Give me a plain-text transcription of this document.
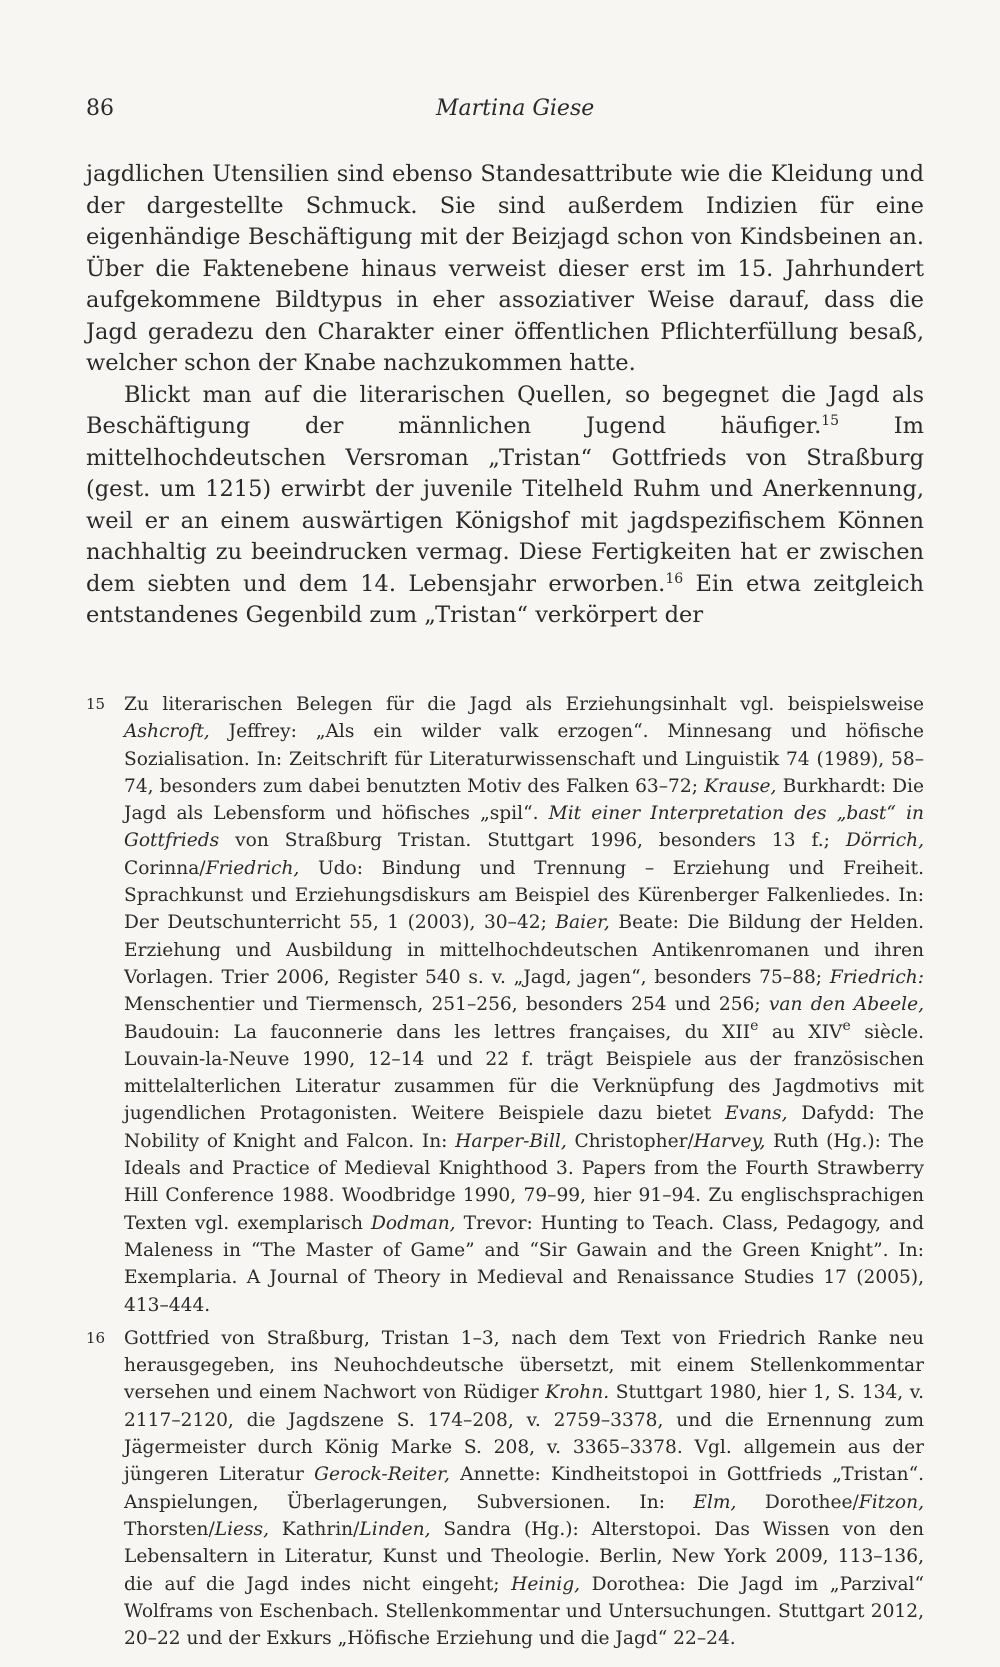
86	Martina Giese

jagdlichen Utensilien sind ebenso Standesattribute wie die Kleidung und der dargestellte Schmuck. Sie sind außerdem Indizien für eine eigenhändige Beschäftigung mit der Beizjagd schon von Kindsbeinen an. Über die Faktenebene hinaus verweist dieser erst im 15. Jahrhundert aufgekommene Bildtypus in eher assoziativer Weise darauf, dass die Jagd geradezu den Charakter einer öffentlichen Pflichterfüllung besaß, welcher schon der Knabe nachzukommen hatte.

Blickt man auf die literarischen Quellen, so begegnet die Jagd als Beschäftigung der männlichen Jugend häufiger.$^{15}$ Im mittelhochdeutschen Versroman „Tristan“ Gottfrieds von Straßburg (gest. um 1215) erwirbt der juvenile Titelheld Ruhm und Anerkennung, weil er an einem auswärtigen Königshof mit jagdspezifischem Können nachhaltig zu beeindrucken vermag. Diese Fertigkeiten hat er zwischen dem siebten und dem 14. Lebensjahr erworben.$^{16}$ Ein etwa zeitgleich entstandenes Gegenbild zum „Tristan“ verkörpert der

15 Zu literarischen Belegen für die Jagd als Erziehungsinhalt vgl. beispielsweise Ashcroft, Jeffrey: „Als ein wilder valk erzogen“. Minnesang und höfische Sozialisation. In: Zeitschrift für Literaturwissenschaft und Linguistik 74 (1989), 58–74, besonders zum dabei benutzten Motiv des Falken 63–72; Krause, Burkhardt: Die Jagd als Lebensform und höfisches „spil“. Mit einer Interpretation des „bast“ in Gottfrieds von Straßburg Tristan. Stuttgart 1996, besonders 13 f.; Dörrich, Corinna/Friedrich, Udo: Bindung und Trennung – Erziehung und Freiheit. Sprachkunst und Erziehungsdiskurs am Beispiel des Kürenberger Falkenliedes. In: Der Deutschunterricht 55, 1 (2003), 30–42; Baier, Beate: Die Bildung der Helden. Erziehung und Ausbildung in mittelhochdeutschen Antikenromanen und ihren Vorlagen. Trier 2006, Register 540 s. v. „Jagd, jagen“, besonders 75–88; Friedrich: Menschentier und Tiermensch, 251–256, besonders 254 und 256; van den Abeele, Baudouin: La fauconnerie dans les lettres françaises, du XIIe au XIVe siècle. Louvain-la-Neuve 1990, 12–14 und 22 f. trägt Beispiele aus der französischen mittelalterlichen Literatur zusammen für die Verknüpfung des Jagdmotivs mit jugendlichen Protagonisten. Weitere Beispiele dazu bietet Evans, Dafydd: The Nobility of Knight and Falcon. In: Harper-Bill, Christopher/Harvey, Ruth (Hg.): The Ideals and Practice of Medieval Knighthood 3. Papers from the Fourth Strawberry Hill Conference 1988. Woodbridge 1990, 79–99, hier 91–94. Zu englischsprachigen Texten vgl. exemplarisch Dodman, Trevor: Hunting to Teach. Class, Pedagogy, and Maleness in “The Master of Game” and “Sir Gawain and the Green Knight”. In: Exemplaria. A Journal of Theory in Medieval and Renaissance Studies 17 (2005), 413–444.
16 Gottfried von Straßburg, Tristan 1–3, nach dem Text von Friedrich Ranke neu herausgegeben, ins Neuhochdeutsche übersetzt, mit einem Stellenkommentar versehen und einem Nachwort von Rüdiger Krohn. Stuttgart 1980, hier 1, S. 134, v. 2117–2120, die Jagdszene S. 174–208, v. 2759–3378, und die Ernennung zum Jägermeister durch König Marke S. 208, v. 3365–3378. Vgl. allgemein aus der jüngeren Literatur Gerock-Reiter, Annette: Kindheitstopoi in Gottfrieds „Tristan“. Anspielungen, Überlagerungen, Subversionen. In: Elm, Dorothee/Fitzon, Thorsten/Liess, Kathrin/Linden, Sandra (Hg.): Alterstopoi. Das Wissen von den Lebensaltern in Literatur, Kunst und Theologie. Berlin, New York 2009, 113–136, die auf die Jagd indes nicht eingeht; Heinig, Dorothea: Die Jagd im „Parzival“ Wolframs von Eschenbach. Stellenkommentar und Untersuchungen. Stuttgart 2012, 20–22 und der Exkurs „Höfische Erziehung und die Jagd“ 22–24.
